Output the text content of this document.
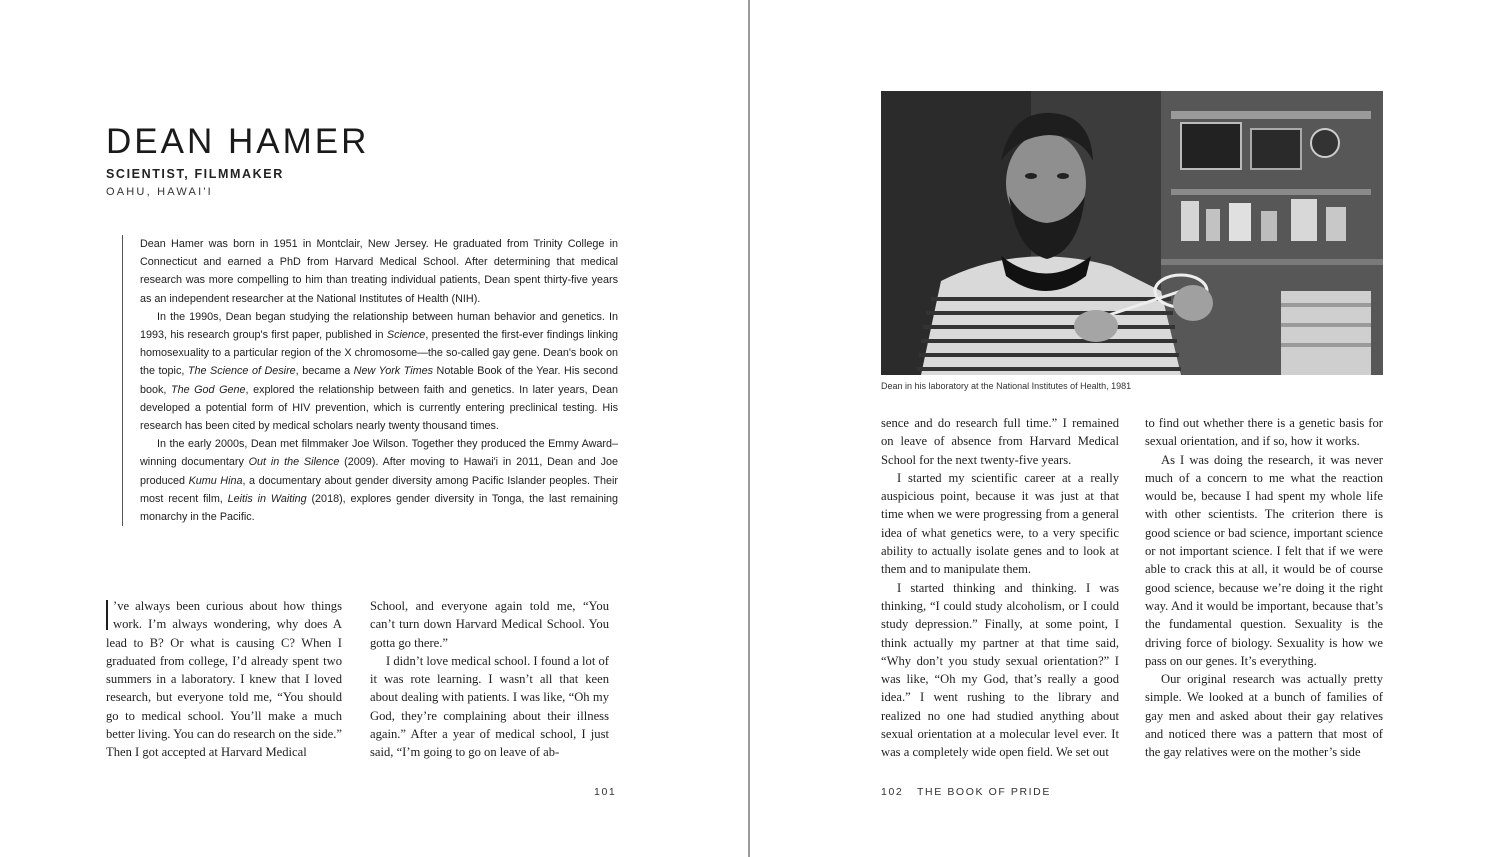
DEAN HAMER
SCIENTIST, FILMMAKER
OAHU, HAWAI'I

Dean Hamer was born in 1951 in Montclair, New Jersey. He graduated from Trinity College in Connecticut and earned a PhD from Harvard Medical School. After determining that medical research was more compelling to him than treating individual patients, Dean spent thirty-five years as an independent researcher at the National Institutes of Health (NIH).

In the 1990s, Dean began studying the relationship between human behavior and genetics. In 1993, his research group's first paper, published in Science, presented the first-ever findings linking homosexuality to a particular region of the X chromosome—the so-called gay gene. Dean's book on the topic, The Science of Desire, became a New York Times Notable Book of the Year. His second book, The God Gene, explored the relationship between faith and genetics. In later years, Dean developed a potential form of HIV prevention, which is currently entering preclinical testing. His research has been cited by medical scholars nearly twenty thousand times.

In the early 2000s, Dean met filmmaker Joe Wilson. Together they produced the Emmy Award–winning documentary Out in the Silence (2009). After moving to Hawai'i in 2011, Dean and Joe produced Kumu Hina, a documentary about gender diversity among Pacific Islander peoples. Their most recent film, Leitis in Waiting (2018), explores gender diversity in Tonga, the last remaining monarchy in the Pacific.

’ve always been curious about how things work. I’m always wondering, why does A lead to B? Or what is causing C? When I graduated from college, I’d already spent two summers in a laboratory. I knew that I loved research, but everyone told me, “You should go to medical school. You’ll make a much better living. You can do research on the side.” Then I got accepted at Harvard Medical

School, and everyone again told me, “You can’t turn down Harvard Medical School. You gotta go there.”

I didn’t love medical school. I found a lot of it was rote learning. I wasn’t all that keen about dealing with patients. I was like, “Oh my God, they’re complaining about their illness again.” After a year of medical school, I just said, “I’m going to go on leave of ab-

101
Dean in his laboratory at the National Institutes of Health, 1981

sence and do research full time.” I remained on leave of absence from Harvard Medical School for the next twenty-five years.

I started my scientific career at a really auspicious point, because it was just at that time when we were progressing from a general idea of what genetics were, to a very specific ability to actually isolate genes and to look at them and to manipulate them.

I started thinking and thinking. I was thinking, “I could study alcoholism, or I could study depression.” Finally, at some point, I think actually my partner at that time said, “Why don’t you study sexual orientation?” I was like, “Oh my God, that’s really a good idea.” I went rushing to the library and realized no one had studied anything about sexual orientation at a molecular level ever. It was a completely wide open field. We set out

to find out whether there is a genetic basis for sexual orientation, and if so, how it works.

As I was doing the research, it was never much of a concern to me what the reaction would be, because I had spent my whole life with other scientists. The criterion there is good science or bad science, important science or not important science. I felt that if we were able to crack this at all, it would be of course good science, because we’re doing it the right way. And it would be important, because that’s the fundamental question. Sexuality is the driving force of biology. Sexuality is how we pass on our genes. It’s everything.

Our original research was actually pretty simple. We looked at a bunch of families of gay men and asked about their gay relatives and noticed there was a pattern that most of the gay relatives were on the mother’s side

102 THE BOOK OF PRIDE
